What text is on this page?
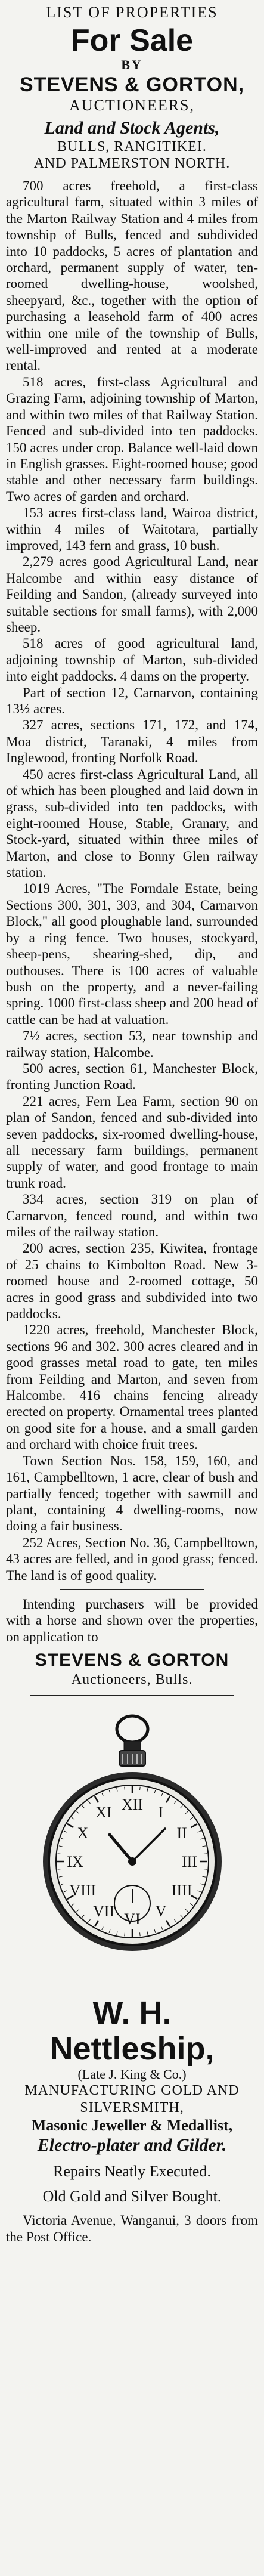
LIST OF PROPERTIES
For Sale
BY
STEVENS & GORTON,
AUCTIONEERS,
Land and Stock Agents,
BULLS, RANGITIKEI.
AND PALMERSTON NORTH.

700 acres freehold, a first-class agricultural farm, situated within 3 miles of the Marton Railway Station and 4 miles from township of Bulls, fenced and subdivided into 10 paddocks, 5 acres of plantation and orchard, permanent supply of water, ten-roomed dwelling-house, woolshed, sheepyard, &c., together with the option of purchasing a leasehold farm of 400 acres within one mile of the township of Bulls, well-improved and rented at a moderate rental.

518 acres, first-class Agricultural and Grazing Farm, adjoining township of Marton, and within two miles of that Railway Station. Fenced and sub-divided into ten paddocks. 150 acres under crop. Balance well-laid down in English grasses. Eight-roomed house; good stable and other necessary farm buildings. Two acres of garden and orchard.

153 acres first-class land, Wairoa district, within 4 miles of Waitotara, partially improved, 143 fern and grass, 10 bush.

2,279 acres good Agricultural Land, near Halcombe and within easy distance of Feilding and Sandon, (already surveyed into suitable sections for small farms), with 2,000 sheep.

518 acres of good agricultural land, adjoining township of Marton, sub-divided into eight paddocks. 4 dams on the property.

Part of section 12, Carnarvon, containing 13½ acres.

327 acres, sections 171, 172, and 174, Moa district, Taranaki, 4 miles from Inglewood, fronting Norfolk Road.

450 acres first-class Agricultural Land, all of which has been ploughed and laid down in grass, sub-divided into ten paddocks, with eight-roomed House, Stable, Granary, and Stock-yard, situated within three miles of Marton, and close to Bonny Glen railway station.

1019 Acres, "The Forndale Estate, being Sections 300, 301, 303, and 304, Carnarvon Block," all good ploughable land, surrounded by a ring fence. Two houses, stockyard, sheep-pens, shearing-shed, dip, and outhouses. There is 100 acres of valuable bush on the property, and a never-failing spring. 1000 first-class sheep and 200 head of cattle can be had at valuation.

7½ acres, section 53, near township and railway station, Halcombe.

500 acres, section 61, Manchester Block, fronting Junction Road.

221 acres, Fern Lea Farm, section 90 on plan of Sandon, fenced and sub-divided into seven paddocks, six-roomed dwelling-house, all necessary farm buildings, permanent supply of water, and good frontage to main trunk road.

334 acres, section 319 on plan of Carnarvon, fenced round, and within two miles of the railway station.

200 acres, section 235, Kiwitea, frontage of 25 chains to Kimbolton Road. New 3-roomed house and 2-roomed cottage, 50 acres in good grass and subdivided into two paddocks.

1220 acres, freehold, Manchester Block, sections 96 and 302. 300 acres cleared and in good grasses metal road to gate, ten miles from Feilding and Marton, and seven from Halcombe. 416 chains fencing already erected on property. Ornamental trees planted on good site for a house, and a small garden and orchard with choice fruit trees.

Town Section Nos. 158, 159, 160, and 161, Campbelltown, 1 acre, clear of bush and partially fenced; together with sawmill and plant, containing 4 dwelling-rooms, now doing a fair business.

252 Acres, Section No. 36, Campbelltown, 43 acres are felled, and in good grass; fenced. The land is of good quality.

Intending purchasers will be provided with a horse and shown over the properties, on application to

STEVENS & GORTON
Auctioneers, Bulls.
XII I
II
III
IIII
V
VI
VII
VIII
IX
X
XI
W. H. Nettleship,
(Late J. King & Co.)
MANUFACTURING GOLD AND
SILVERSMITH,
Masonic Jeweller & Medallist,
Electro-plater and Gilder.
Repairs Neatly Executed.
Old Gold and Silver Bought.

Victoria Avenue, Wanganui, 3 doors from the Post Office.
